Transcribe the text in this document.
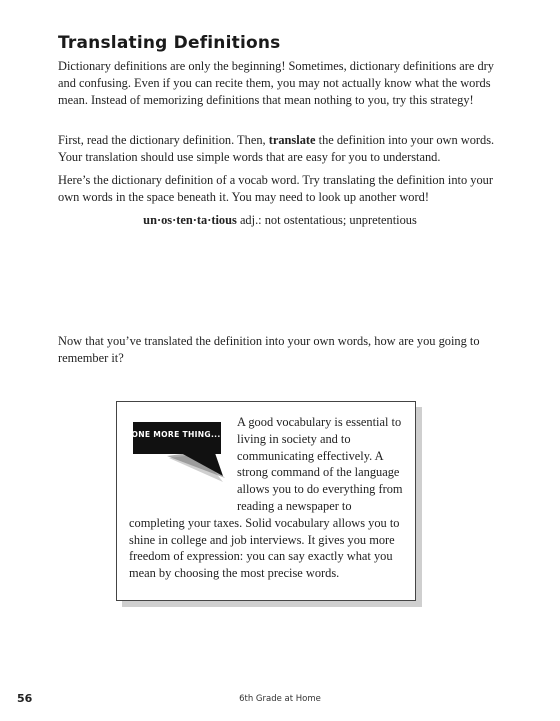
Translating Definitions

Dictionary definitions are only the beginning! Sometimes, dictionary definitions are dry and confusing. Even if you can recite them, you may not actually know what the words mean. Instead of memorizing definitions that mean nothing to you, try this strategy!

First, read the dictionary definition. Then, translate the definition into your own words. Your translation should use simple words that are easy for you to understand.

Here’s the dictionary definition of a vocab word. Try translating the definition into your own words in the space beneath it. You may need to look up another word!

un·os·ten·ta·tious adj.: not ostentatious; unpretentious

Now that you’ve translated the definition into your own words, how are you going to remember it?

ONE MORE THING...

A good vocabulary is essential to living in society and to communicating effectively. A strong command of the language allows you to do everything from reading a newspaper to completing your taxes. Solid vocabulary allows you to shine in college and job interviews. It gives you more freedom of expression: you can say exactly what you mean by choosing the most precise words.

56	6th Grade at Home
